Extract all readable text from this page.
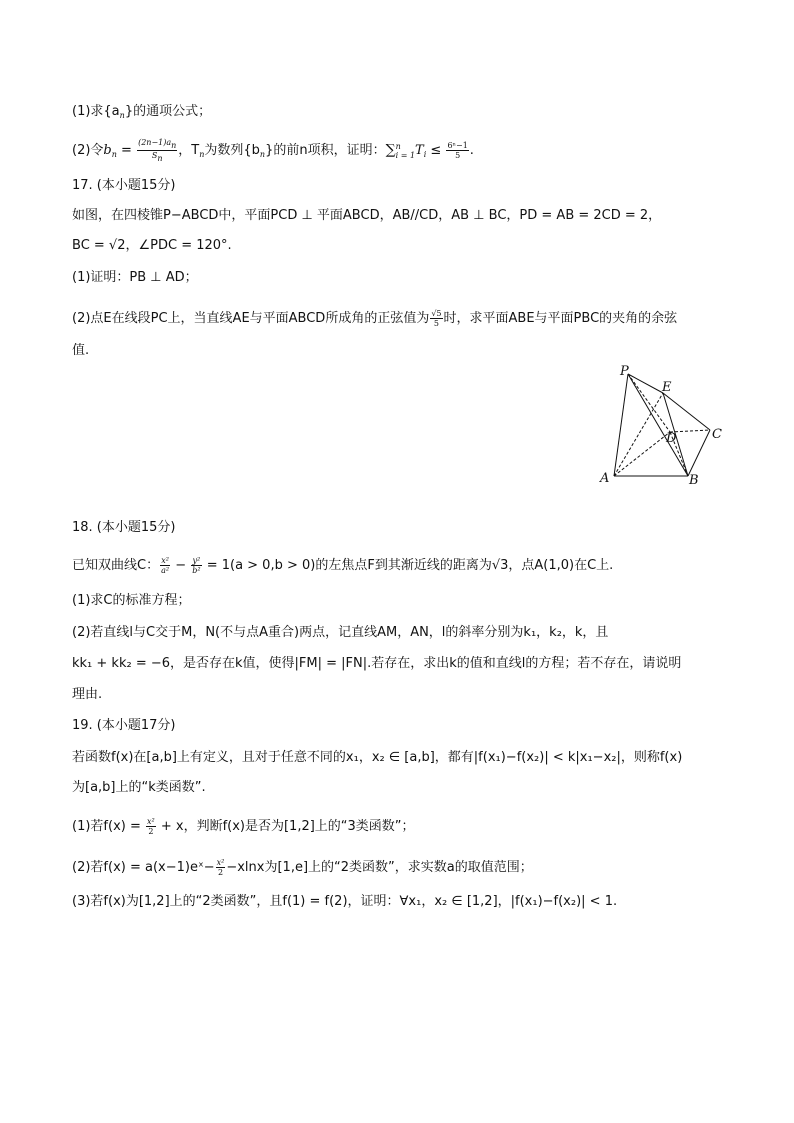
(1)求$\{a_n\}$的通项公式；
(2)令$b_n = \frac{(2n-1)an}{Sn}$ ，$T_n$为数列$\{b_n\}$的前n项积，证明：∑ n
i = 1 $T_i \le \frac{\text{6ⁿ−1}}{5}$ .
17. (本小题15分)
如图，在四棱锥P−ABCD中，平面PCD ⊥ 平面ABCD，AB//CD，AB ⊥ BC，PD = AB = 2CD = 2，
BC = √2，∠PDC = 120°.
(1)证明：PB ⊥ AD；
(2)点E在线段PC上，当直线AE与平面ABCD所成角的正弦值为 $\frac{√5}{5}$ 时，求平面ABE与平面PBC的夹角的余弦
值.
P
E
D	C
A	B
18. (本小题15分)
已知双曲线C： $\frac{\text{x²}}{\text{a²}} - \frac{\text{y²}}{\text{b²}} = 1(a > 0,b > 0)$的左焦点F到其渐近线的距离为√3，点A(1,0)在C上.
(1)求C的标准方程；
(2)若直线l与C交于M，N(不与点A重合)两点，记直线AM，AN，l的斜率分别为k₁，k₂，k，且
kk₁ + kk₂ = −6，是否存在k值，使得|FM| = |FN|.若存在，求出k的值和直线l的方程；若不存在，请说明
理由.
19. (本小题17分)
若函数f(x)在[a,b]上有定义，且对于任意不同的x₁，x₂ ∈ [a,b]，都有|f(x₁)−f(x₂)| < k|x₁−x₂|，则称f(x)
为[a,b]上的“k类函数”.
(1)若$f(x) = \frac{\text{x²}}{2} + x$，判断f(x)是否为[1,2]上的“3类函数”；
(2)若f(x) = a(x−1)eˣ− $\frac{\text{x²}}{2} -xlnx$为[1,e]上的“2类函数”，求实数a的取值范围；
(3)若f(x)为[1,2]上的“2类函数”，且f(1) = f(2)，证明：∀x₁，x₂ ∈ [1,2]，|f(x₁)−f(x₂)| < 1.
